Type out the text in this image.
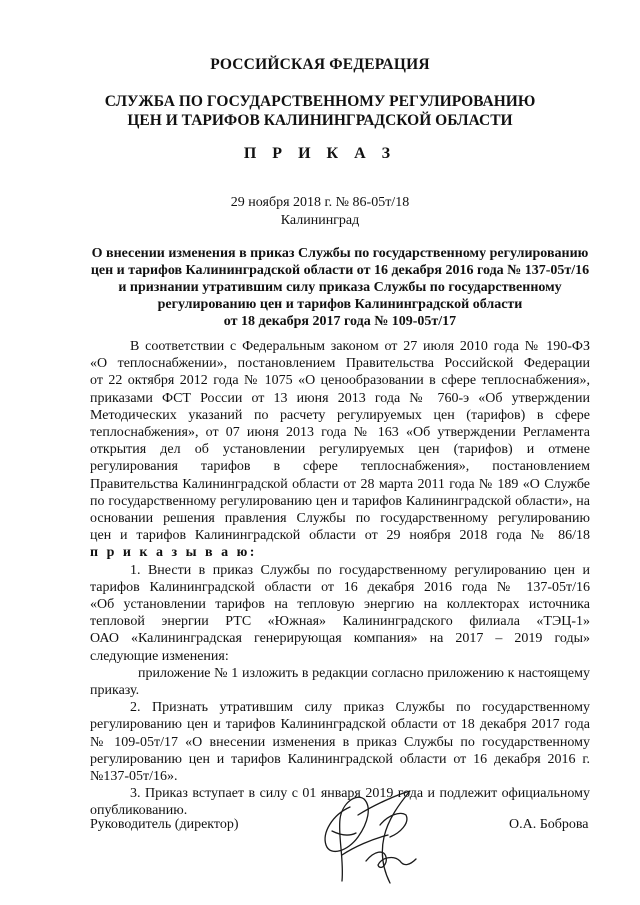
РОССИЙСКАЯ ФЕДЕРАЦИЯ
СЛУЖБА ПО ГОСУДАРСТВЕННОМУ РЕГУЛИРОВАНИЮ
ЦЕН И ТАРИФОВ КАЛИНИНГРАДСКОЙ ОБЛАСТИ
П Р И К А З
29 ноября 2018 г. № 86-05т/18
Калининград
О внесении изменения в приказ Службы по государственному регулированию
цен и тарифов Калининградской области от 16 декабря 2016 года № 137-05т/16
и признании утратившим силу приказа Службы по государственному
регулированию цен и тарифов Калининградской области
от 18 декабря 2017 года № 109-05т/17
В соответствии с Федеральным законом от 27 июля 2010 года № 190-ФЗ
«О теплоснабжении», постановлением Правительства Российской Федерации
от 22 октября 2012 года № 1075 «О ценообразовании в сфере теплоснабжения»,
приказами ФСТ России от 13 июня 2013 года № 760-э «Об утверждении
Методических указаний по расчету регулируемых цен (тарифов) в сфере
теплоснабжения», от 07 июня 2013 года № 163 «Об утверждении Регламента
открытия дел об установлении регулируемых цен (тарифов) и отмене
регулирования тарифов в сфере теплоснабжения», постановлением
Правительства Калининградской области от 28 марта 2011 года № 189 «О Службе
по государственному регулированию цен и тарифов Калининградской области», на
основании решения правления Службы по государственному регулированию
цен и тарифов Калининградской области от 29 ноября 2018 года № 86/18
п р и к а з ы в а ю:
1. Внести в приказ Службы по государственному регулированию цен и
тарифов Калининградской области от 16 декабря 2016 года № 137-05т/16
«Об установлении тарифов на тепловую энергию на коллекторах источника
тепловой энергии РТС «Южная» Калининградского филиала «ТЭЦ-1»
ОАО «Калининградская генерирующая компания» на 2017 – 2019 годы»
следующие изменения:
приложение № 1 изложить в редакции согласно приложению к настоящему
приказу.
2. Признать утратившим силу приказ Службы по государственному
регулированию цен и тарифов Калининградской области от 18 декабря 2017 года
№ 109-05т/17 «О внесении изменения в приказ Службы по государственному
регулированию цен и тарифов Калининградской области от 16 декабря 2016 г.
№137-05т/16».
3. Приказ вступает в силу с 01 января 2019 года и подлежит официальному
опубликованию.
Руководитель (директор)	О.А. Боброва
